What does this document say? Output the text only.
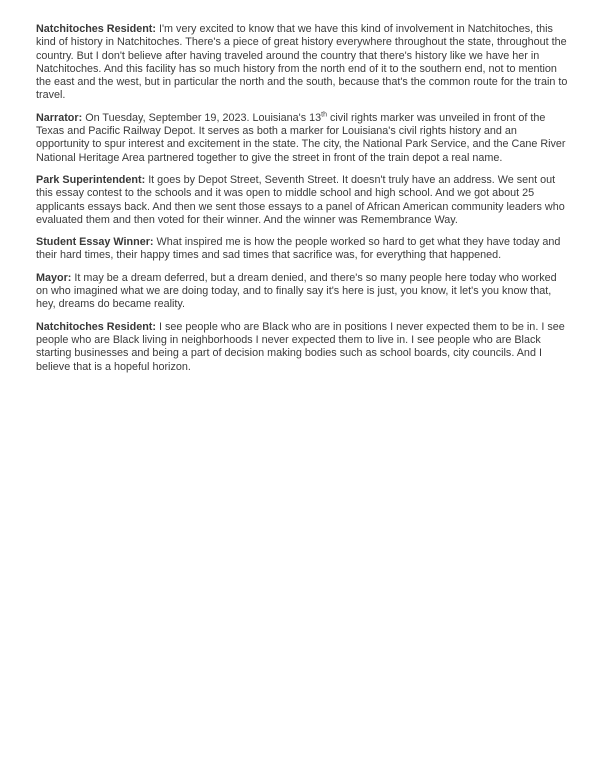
Natchitoches Resident: I'm very excited to know that we have this kind of involvement in Natchitoches, this kind of history in Natchitoches. There's a piece of great history everywhere throughout the state, throughout the country. But I don't believe after having traveled around the country that there's history like we have her in Natchitoches. And this facility has so much history from the north end of it to the southern end, not to mention the east and the west, but in particular the north and the south, because that's the common route for the train to travel.

Narrator: On Tuesday, September 19, 2023. Louisiana's 13th civil rights marker was unveiled in front of the Texas and Pacific Railway Depot. It serves as both a marker for Louisiana's civil rights history and an opportunity to spur interest and excitement in the state. The city, the National Park Service, and the Cane River National Heritage Area partnered together to give the street in front of the train depot a real name.

Park Superintendent: It goes by Depot Street, Seventh Street. It doesn't truly have an address. We sent out this essay contest to the schools and it was open to middle school and high school. And we got about 25 applicants essays back. And then we sent those essays to a panel of African American community leaders who evaluated them and then voted for their winner. And the winner was Remembrance Way.

Student Essay Winner: What inspired me is how the people worked so hard to get what they have today and their hard times, their happy times and sad times that sacrifice was, for everything that happened.

Mayor: It may be a dream deferred, but a dream denied, and there's so many people here today who worked on who imagined what we are doing today, and to finally say it's here is just, you know, it let's you know that, hey, dreams do became reality.

Natchitoches Resident: I see people who are Black who are in positions I never expected them to be in. I see people who are Black living in neighborhoods I never expected them to live in. I see people who are Black starting businesses and being a part of decision making bodies such as school boards, city councils. And I believe that is a hopeful horizon.
